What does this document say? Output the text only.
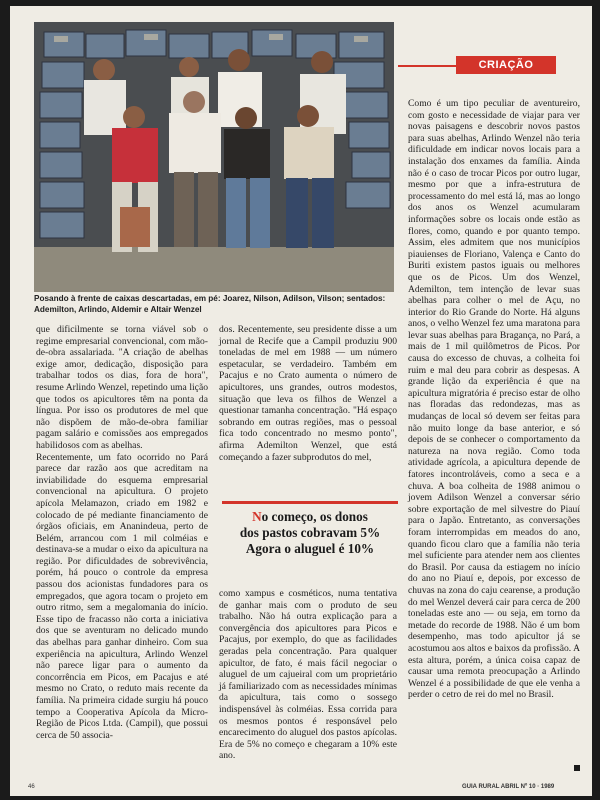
Posando à frente de caixas descartadas, em pé: Joarez, Nilson, Adilson, Vilson; sentados: Ademilton, Arlindo, Aldemir e Altair Wenzel
CRIAÇÃO
que dificilmente se torna viável sob o regime empresarial convencional, com mão-de-obra assalariada. "A criação de abelhas exige amor, dedicação, disposição para trabalhar todos os dias, fora de hora", resume Arlindo Wenzel, repetindo uma lição que todos os apicultores têm na ponta da língua. Por isso os produtores de mel que não dispõem de mão-de-obra familiar pagam salário e comissões aos empregados habilidosos com as abelhas.
Recentemente, um fato ocorrido no Pará parece dar razão aos que acreditam na inviabilidade do esquema empresarial convencional na apicultura. O projeto apícola Melamazon, criado em 1982 e colocado de pé mediante financiamento de órgãos oficiais, em Ananindeua, perto de Belém, arrancou com 1 mil colméias e destinava-se a mudar o eixo da apicultura na região. Por dificuldades de sobrevivência, porém, há pouco o controle da empresa passou dos acionistas fundadores para os empregados, que agora tocam o projeto em outro ritmo, sem a megalomania do início. Esse tipo de fracasso não corta a iniciativa dos que se aventuram no delicado mundo das abelhas para ganhar dinheiro. Com sua experiência na apicultura, Arlindo Wenzel não parece ligar para o aumento da concorrência em Picos, em Pacajus e até mesmo no Crato, o reduto mais recente da família. Na primeira cidade surgiu há pouco tempo a Cooperativa Apícola da Micro-Região de Picos Ltda. (Campil), que possui cerca de 50 associa-
dos. Recentemente, seu presidente disse a um jornal de Recife que a Campil produziu 900 toneladas de mel em 1988 — um número espetacular, se verdadeiro. Também em Pacajus e no Crato aumenta o número de apicultores, uns grandes, outros modestos, situação que leva os filhos de Wenzel a questionar tamanha concentração. "Há espaço sobrando em outras regiões, mas o pessoal fica todo concentrado no mesmo ponto", afirma Ademilton Wenzel, que está começando a fazer subprodutos do mel,
No começo, os donos
dos pastos cobravam 5%
Agora o aluguel é 10%
como xampus e cosméticos, numa tentativa de ganhar mais com o produto de seu trabalho. Não há outra explicação para a convergência dos apicultores para Picos e Pacajus, por exemplo, do que as facilidades geradas pela concentração. Para qualquer apicultor, de fato, é mais fácil negociar o aluguel de um cajueiral com um proprietário já familiarizado com as necessidades mínimas da apicultura, tais como o sossego indispensável às colméias. Essa corrida para os mesmos pontos é responsável pelo encarecimento do aluguel dos pastos apícolas. Era de 5% no começo e chegaram a 10% este ano.
Como é um tipo peculiar de aventureiro, com gosto e necessidade de viajar para ver novas paisagens e descobrir novos pastos para suas abelhas, Arlindo Wenzel não teria dificuldade em indicar novos locais para a instalação dos enxames da família. Ainda não é o caso de trocar Picos por outro lugar, mesmo por que a infra-estrutura de processamento do mel está lá, mas ao longo dos anos os Wenzel acumularam informações sobre os locais onde estão as flores, como, quando e por quanto tempo. Assim, eles admitem que nos municípios piauienses de Floriano, Valença e Canto do Buriti existem pastos iguais ou melhores que os de Picos. Um dos Wenzel, Ademilton, tem intenção de levar suas abelhas para colher o mel de Açu, no interior do Rio Grande do Norte. Há alguns anos, o velho Wenzel fez uma maratona para levar suas abelhas para Bragança, no Pará, a mais de 1 mil quilômetros de Picos. Por causa do excesso de chuvas, a colheita foi ruim e mal deu para cobrir as despesas. A grande lição da experiência é que na apicultura migratória é preciso estar de olho nas floradas das redondezas, mas as mudanças de local só devem ser feitas para não muito longe da base anterior, e só depois de se conhecer o comportamento da natureza na nova região. Como toda atividade agrícola, a apicultura depende de fatores incontroláveis, como a seca e a chuva. A boa colheita de 1988 animou o jovem Adilson Wenzel a conversar sério sobre exportação de mel silvestre do Piauí para o Japão. Entretanto, as conversações foram interrompidas em meados do ano, quando ficou claro que a família não teria mel suficiente para atender nem aos clientes do Brasil. Por causa da estiagem no início do ano no Piauí e, depois, por excesso de chuvas na zona do caju cearense, a produção do mel Wenzel deverá cair para cerca de 200 toneladas este ano — ou seja, em torno da metade do recorde de 1988. Não é um bom desempenho, mas todo apicultor já se acostumou aos altos e baixos da profissão. A esta altura, porém, a única coisa capaz de causar uma remota preocupação a Arlindo Wenzel é a possibilidade de que ele venha a perder o cetro de rei do mel no Brasil.
46	GUIA RURAL ABRIL Nº 10 · 1989
